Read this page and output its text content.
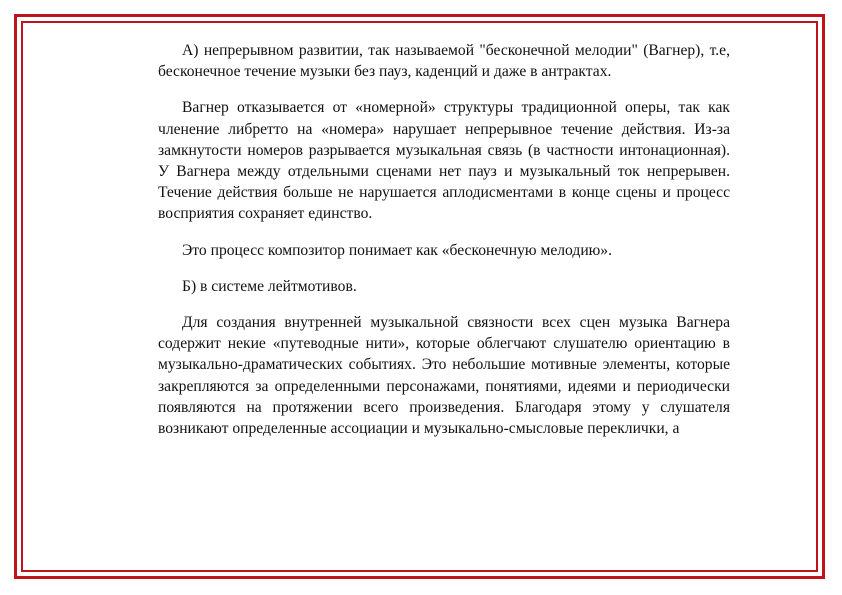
А) непрерывном развитии, так называемой "бесконечной мелодии" (Вагнер), т.е, бесконечное течение музыки без пауз, каденций и даже в антрактах.

Вагнер отказывается от «номерной» структуры традиционной оперы, так как членение либретто на «номера» нарушает непрерывное течение действия. Из-за замкнутости номеров разрывается музыкальная связь (в частности интонационная). У Вагнера между отдельными сценами нет пауз и музыкальный ток непрерывен. Течение действия больше не нарушается аплодисментами в конце сцены и процесс восприятия сохраняет единство.

Это процесс композитор понимает как «бесконечную мелодию».

Б) в системе лейтмотивов.

Для создания внутренней музыкальной связности всех сцен музыка Вагнера содержит некие «путеводные нити», которые облегчают слушателю ориентацию в музыкально-драматических событиях. Это небольшие мотивные элементы, которые закрепляются за определенными персонажами, понятиями, идеями и периодически появляются на протяжении всего произведения. Благодаря этому у слушателя возникают определенные ассоциации и музыкально-смысловые переклички, а
